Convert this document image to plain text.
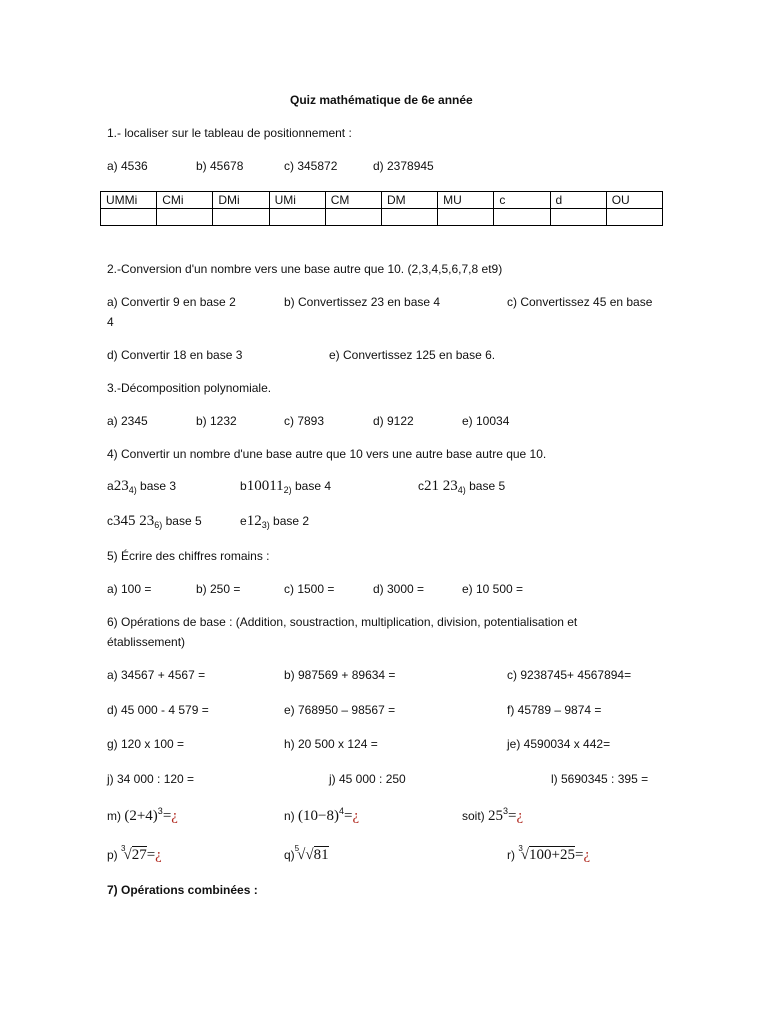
Quiz mathématique de 6e année
1.- localiser sur le tableau de positionnement :
a) 4536	b) 45678	c) 345872	d) 2378945
UMMi	CMi	DMi	UMi	CM	DM	MU	c	d	OU

2.-Conversion d'un nombre vers une base autre que 10. (2,3,4,5,6,7,8 et9)
a) Convertir 9 en base 2	b) Convertissez 23 en base 4	c) Convertissez 45 en base
4
d) Convertir 18 en base 3	e) Convertissez 125 en base 6.
3.-Décomposition polynomiale.
a) 2345	b) 1232	c) 7893	d) 9122	e) 10034
4) Convertir un nombre d'une base autre que 10 vers une autre base autre que 10.
$a23_{4)}$ base 3	$b10011_{2)}$ base 4	c21 $23_{4)}$ base 5
c345 $23_{6)}$ base 5	$e12_{3)}$ base 2
5) Écrire des chiffres romains :
a) 100 =	b) 250 =	c) 1500 =	d) 3000 =	e) 10 500 =
6) Opérations de base : (Addition, soustraction, multiplication, division, potentialisation et
établissement)
a) 34567 + 4567 =	b) 987569 + 89634 =	c) 9238745+ 4567894=
d) 45 000 - 4 579 =	e) 768950 – 98567 =	f) 45789 – 9874 =
g) 120 x 100 =	h) 20 500 x 124 =	je) 4590034 x 442=
j) 34 000 : 120 =	j) 45 000 : 250	l) 5690345 : 395 =
m) $(2+4)^3=¿$	n) $(10-8)^4=¿$	soit) $25^3=¿$
p) $^3$√27=¿	q)$^5$√√81	r) $^3$√100+25=¿
7) Opérations combinées :
